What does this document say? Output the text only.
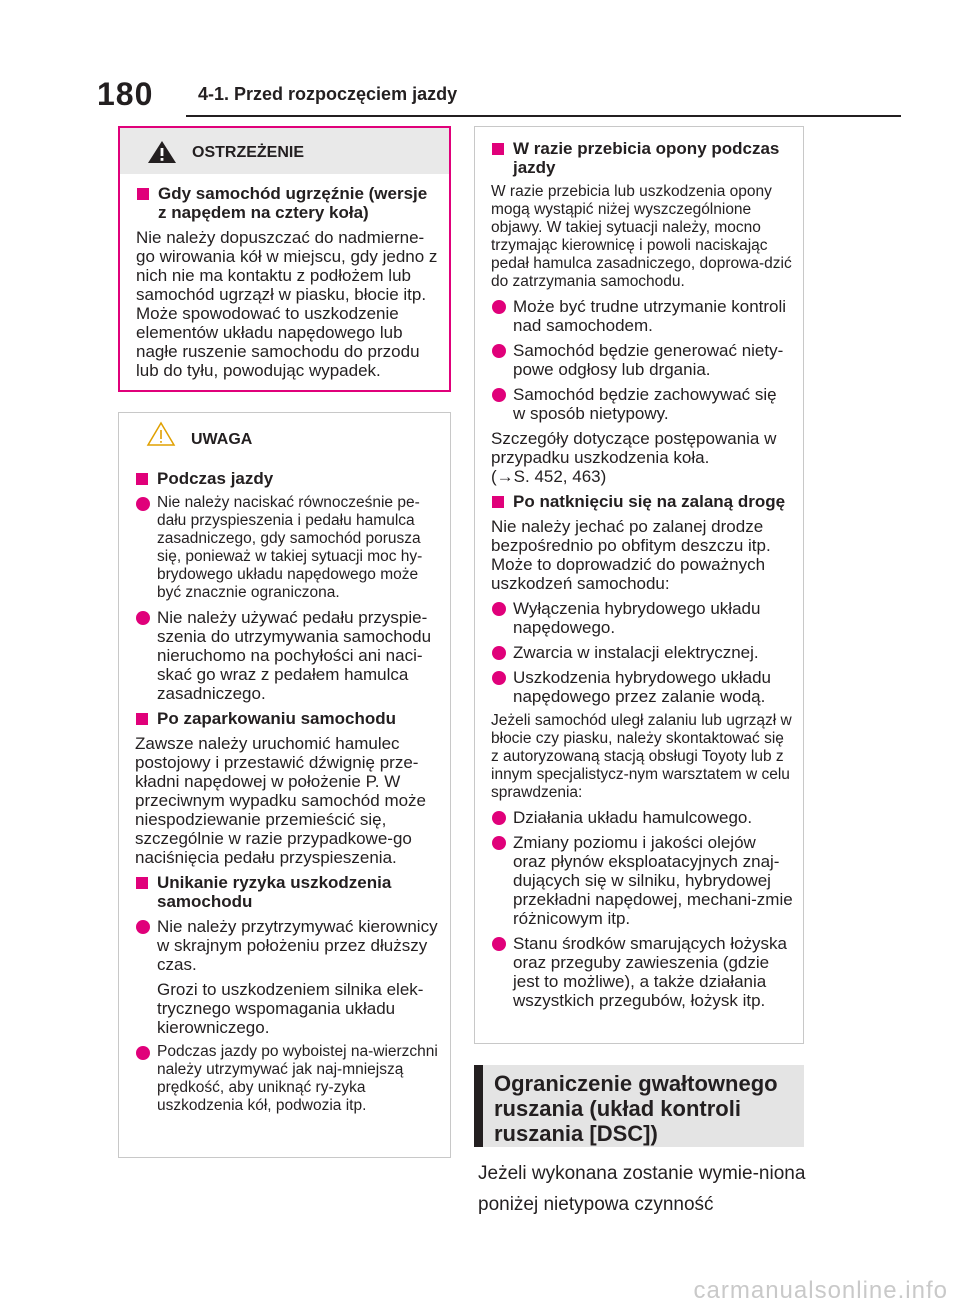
180 4-1. Przed rozpoczęciem jazdy
OSTRZEŻENIE
Gdy samochód ugrzęźnie (wersje z napędem na cztery koła)

Nie należy dopuszczać do nadmierne-go wirowania kół w miejscu, gdy jedno z nich nie ma kontaktu z podłożem lub samochód ugrzązł w piasku, błocie itp. Może spowodować to uszkodzenie elementów układu napędowego lub nagłe ruszenie samochodu do przodu lub do tyłu, powodując wypadek.

UWAGA
Podczas jazdy
Nie należy naciskać równocześnie pe-dału przyspieszenia i pedału hamulca zasadniczego, gdy samochód porusza się, ponieważ w takiej sytuacji moc hy-brydowego układu napędowego może być znacznie ograniczona.
Nie należy używać pedału przyspie-szenia do utrzymywania samochodu nieruchomo na pochyłości ani naci-skać go wraz z pedałem hamulca zasadniczego.
Po zaparkowaniu samochodu

Zawsze należy uruchomić hamulec postojowy i przestawić dźwignię prze-kładni napędowej w położenie P. W przeciwnym wypadku samochód może niespodziewanie przemieścić się, szczególnie w razie przypadkowe-go naciśnięcia pedału przyspieszenia.

Unikanie ryzyka uszkodzenia samochodu
Nie należy przytrzymywać kierownicy w skrajnym położeniu przez dłuższy czas.
Grozi to uszkodzeniem silnika elek-trycznego wspomagania układu kierowniczego.
Podczas jazdy po wyboistej na-wierzchni należy utrzymywać jak naj-mniejszą prędkość, aby uniknąć ry-zyka uszkodzenia kół, podwozia itp.
W razie przebicia opony podczas jazdy

W razie przebicia lub uszkodzenia opony mogą wystąpić niżej wyszczególnione objawy. W takiej sytuacji należy, mocno trzymając kierownicę i powoli naciskając pedał hamulca zasadniczego, doprowa-dzić do zatrzymania samochodu.

Może być trudne utrzymanie kontroli nad samochodem.
Samochód będzie generować niety-powe odgłosy lub drgania.
Samochód będzie zachowywać się w sposób nietypowy.

Szczegóły dotyczące postępowania w przypadku uszkodzenia koła.

(→S. 452, 463)

Po natknięciu się na zalaną drogę

Nie należy jechać po zalanej drodze bezpośrednio po obfitym deszczu itp. Może to doprowadzić do poważnych uszkodzeń samochodu:

Wyłączenia hybrydowego układu napędowego.
Zwarcia w instalacji elektrycznej.
Uszkodzenia hybrydowego układu napędowego przez zalanie wodą.

Jeżeli samochód uległ zalaniu lub ugrzązł w błocie czy piasku, należy skontaktować się z autoryzowaną stacją obsługi Toyoty lub z innym specjalistycz-nym warsztatem w celu sprawdzenia:

Działania układu hamulcowego.
Zmiany poziomu i jakości olejów oraz płynów eksploatacyjnych znaj-dujących się w silniku, hybrydowej przekładni napędowej, mechani-zmie różnicowym itp.
Stanu środków smarujących łożyska oraz przeguby zawieszenia (gdzie jest to możliwe), a także działania wszystkich przegubów, łożysk itp.
Ograniczenie gwałtownego ruszania (układ kontroli ruszania [DSC])
Jeżeli wykonana zostanie wymie-niona poniżej nietypowa czynność
carmanualsonline.info
